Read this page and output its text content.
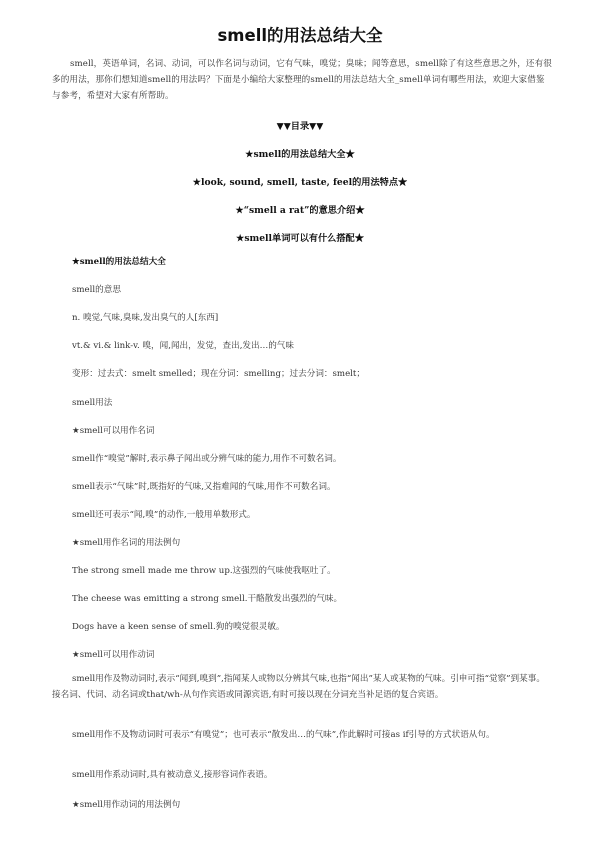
smell的用法总结大全

smell，英语单词，名词、动词，可以作名词与动词，它有气味，嗅觉；臭味；闻等意思，smell除了有这些意思之外，还有很多的用法，那你们想知道smell的用法吗？下面是小编给大家整理的smell的用法总结大全_smell单词有哪些用法，欢迎大家借鉴与参考，希望对大家有所帮助。

▼▼目录▼▼

★smell的用法总结大全★

★look, sound, smell, taste, feel的用法特点★

★“smell a rat”的意思介绍★

★smell单词可以有什么搭配★

★smell的用法总结大全

smell的意思

n. 嗅觉,气味,臭味,发出臭气的人[东西]

vt.& vi.& link-v. 嗅，闻,闻出，发觉，查出,发出…的气味

变形：过去式：smelt smelled；现在分词：smelling；过去分词：smelt；

smell用法

★smell可以用作名词

smell作“嗅觉”解时,表示鼻子闻出或分辨气味的能力,用作不可数名词。

smell表示“气味”时,既指好的气味,又指难闻的气味,用作不可数名词。

smell还可表示“闻,嗅”的动作,一般用单数形式。

★smell用作名词的用法例句

The strong smell made me throw up.这强烈的气味使我呕吐了。

The cheese was emitting a strong smell.干酪散发出强烈的气味。

Dogs have a keen sense of smell.狗的嗅觉很灵敏。

★smell可以用作动词

smell用作及物动词时,表示“闻到,嗅到”,指闻某人或物以分辨其气味,也指“闻出”某人或某物的气味。引申可指“觉察”到某事。接名词、代词、动名词或that/wh-从句作宾语或同源宾语,有时可接以现在分词充当补足语的复合宾语。

smell用作不及物动词时可表示“有嗅觉”；也可表示“散发出…的气味”,作此解时可接as if引导的方式状语从句。

smell用作系动词时,具有被动意义,接形容词作表语。

★smell用作动词的用法例句
